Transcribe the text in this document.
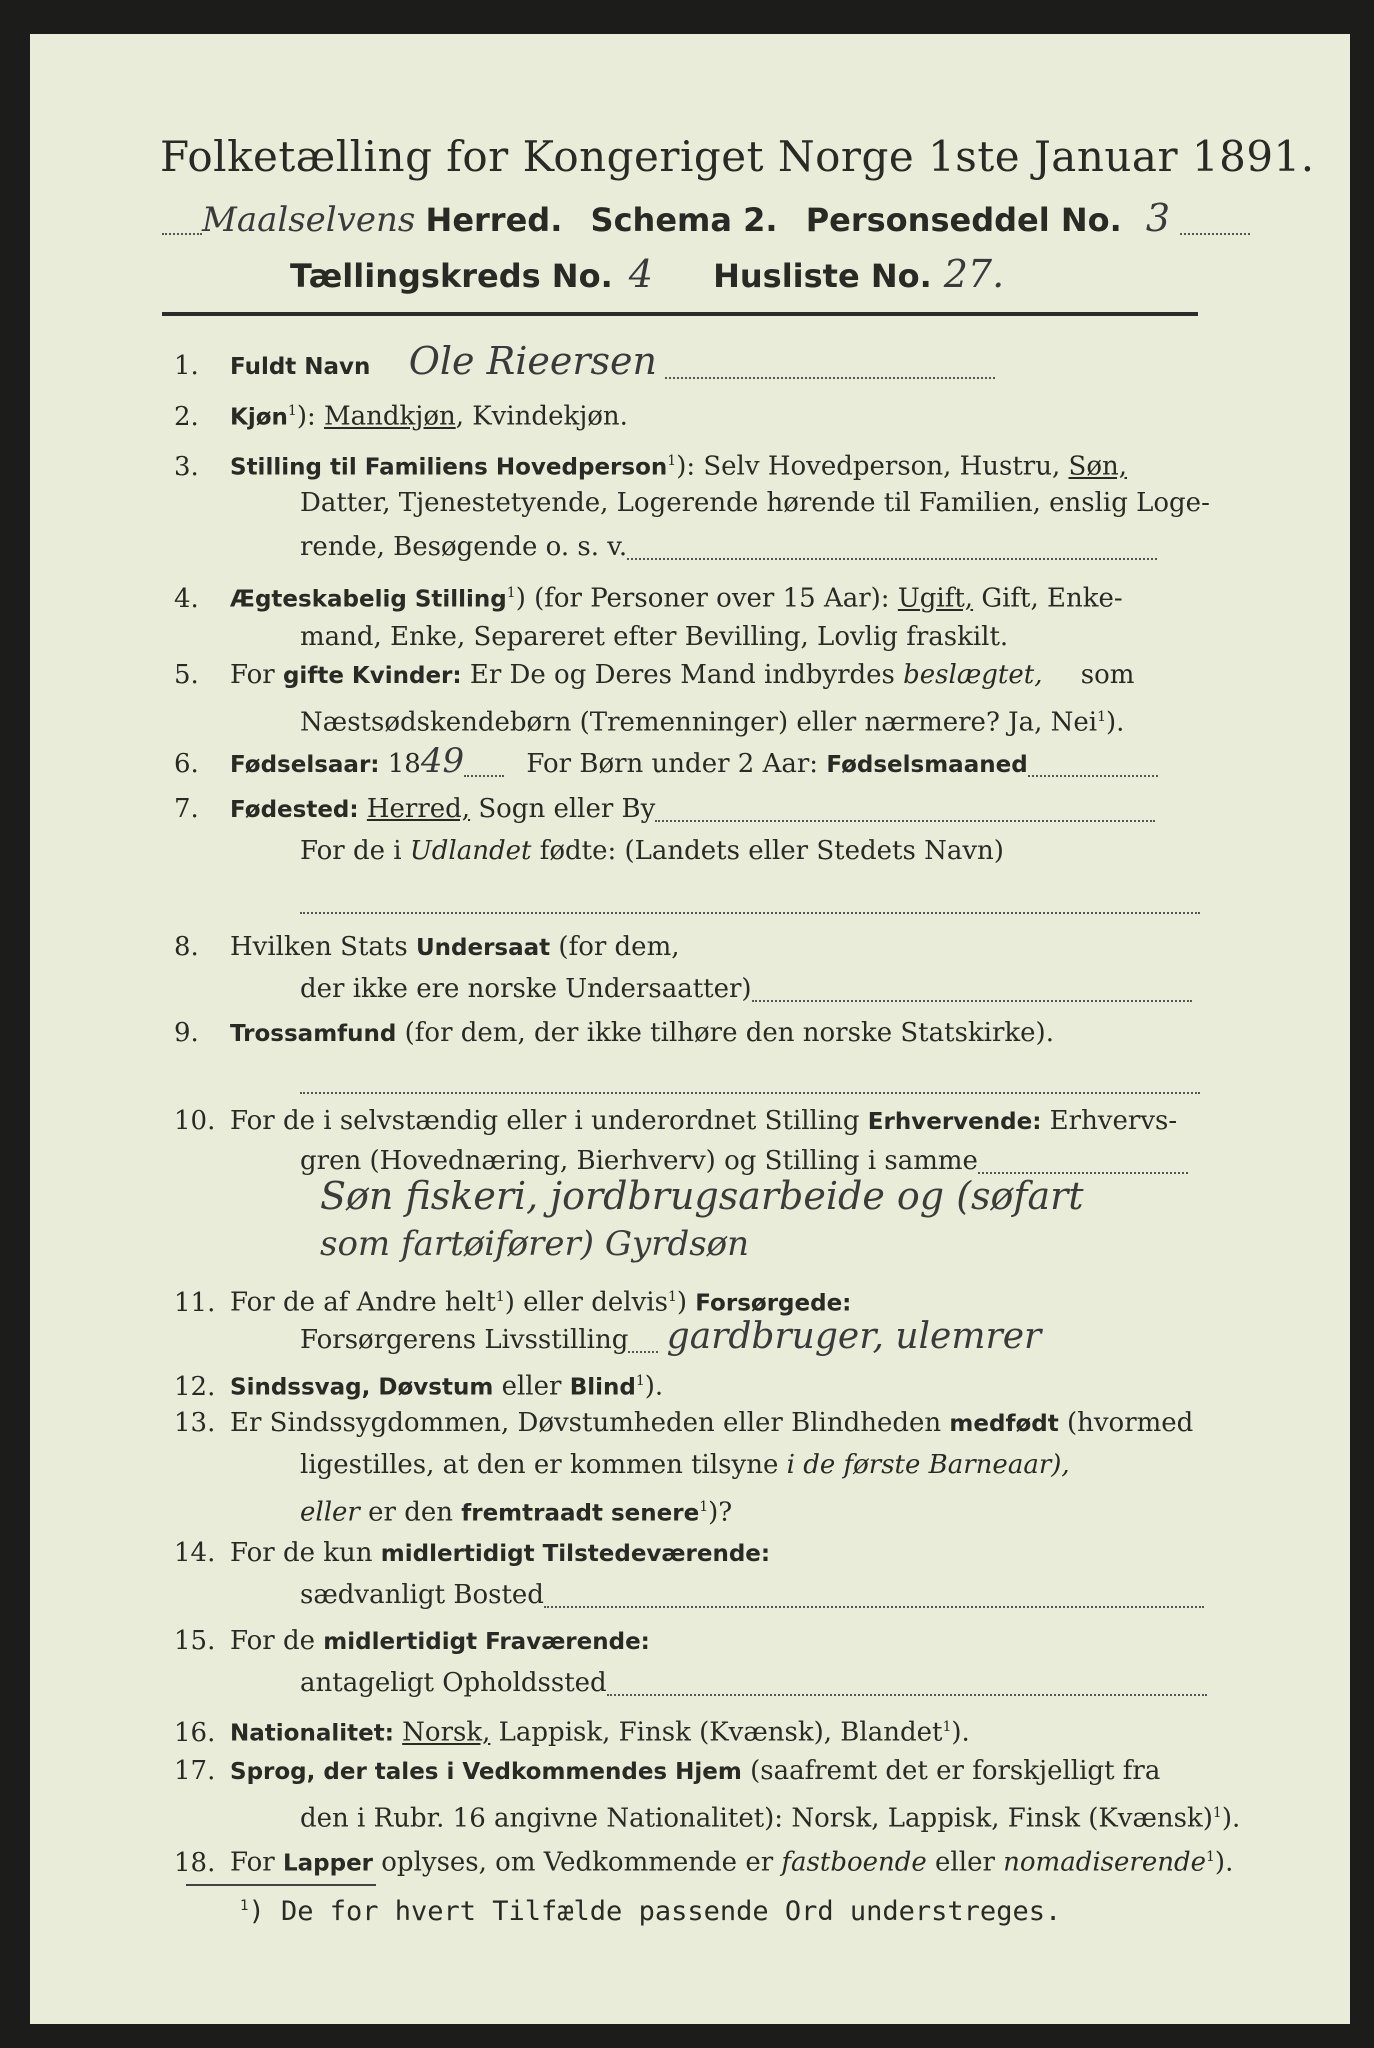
Folketælling for Kongeriget Norge 1ste Januar 1891.
Maalselvens Herred. Schema 2. Personseddel No. 3
Tællingskreds No. 4 Husliste No. 27.
1. Fuldt Navn Ole Rieersen
2. Kjøn$^1$): Mandkjøn, Kvindekjøn.
3. Stilling til Familiens Hovedperson$^1$): Selv Hovedperson, Hustru, Søn,
Datter, Tjenestetyende, Logerende hørende til Familien, enslig Loge-
rende, Besøgende o. s. v.
4. Ægteskabelig Stilling$^1$) (for Personer over 15 Aar): Ugift, Gift, Enke-
mand, Enke, Separeret efter Bevilling, Lovlig fraskilt.
5. For gifte Kvinder: Er De og Deres Mand indbyrdes beslægtet, som
Næstsødskendebørn (Tremenninger) eller nærmere? Ja, Nei$^1$).
6. Fødselsaar: 1849 For Børn under 2 Aar: Fødselsmaaned
7. Fødested: Herred, Sogn eller By
For de i Udlandet fødte: (Landets eller Stedets Navn)
8. Hvilken Stats Undersaat (for dem,
der ikke ere norske Undersaatter)
9. Trossamfund (for dem, der ikke tilhøre den norske Statskirke).
10. For de i selvstændig eller i underordnet Stilling Erhvervende: Erhvervs-
gren (Hovednæring, Bierhverv) og Stilling i samme
Søn fiskeri, jordbrugsarbeide og (søfart
som fartøifører) Gyrdsøn
11. For de af Andre helt$^1$) eller delvis$^1$) Forsørgede:
Forsørgerens Livsstilling gardbruger, ulemrer
12. Sindssvag, Døvstum eller Blind$^1$).
13. Er Sindssygdommen, Døvstumheden eller Blindheden medfødt (hvormed
ligestilles, at den er kommen tilsyne i de første Barneaar),
eller er den fremtraadt senere$^1$)?
14. For de kun midlertidigt Tilstedeværende:
sædvanligt Bosted
15. For de midlertidigt Fraværende:
antageligt Opholdssted
16. Nationalitet: Norsk, Lappisk, Finsk (Kvænsk), Blandet$^1$).
17. Sprog, der tales i Vedkommendes Hjem (saafremt det er forskjelligt fra
den i Rubr. 16 angivne Nationalitet): Norsk, Lappisk, Finsk (Kvænsk)$^1$).
18. For Lapper oplyses, om Vedkommende er fastboende eller nomadiserende$^1$).
$^1$) De for hvert Tilfælde passende Ord understreges.
